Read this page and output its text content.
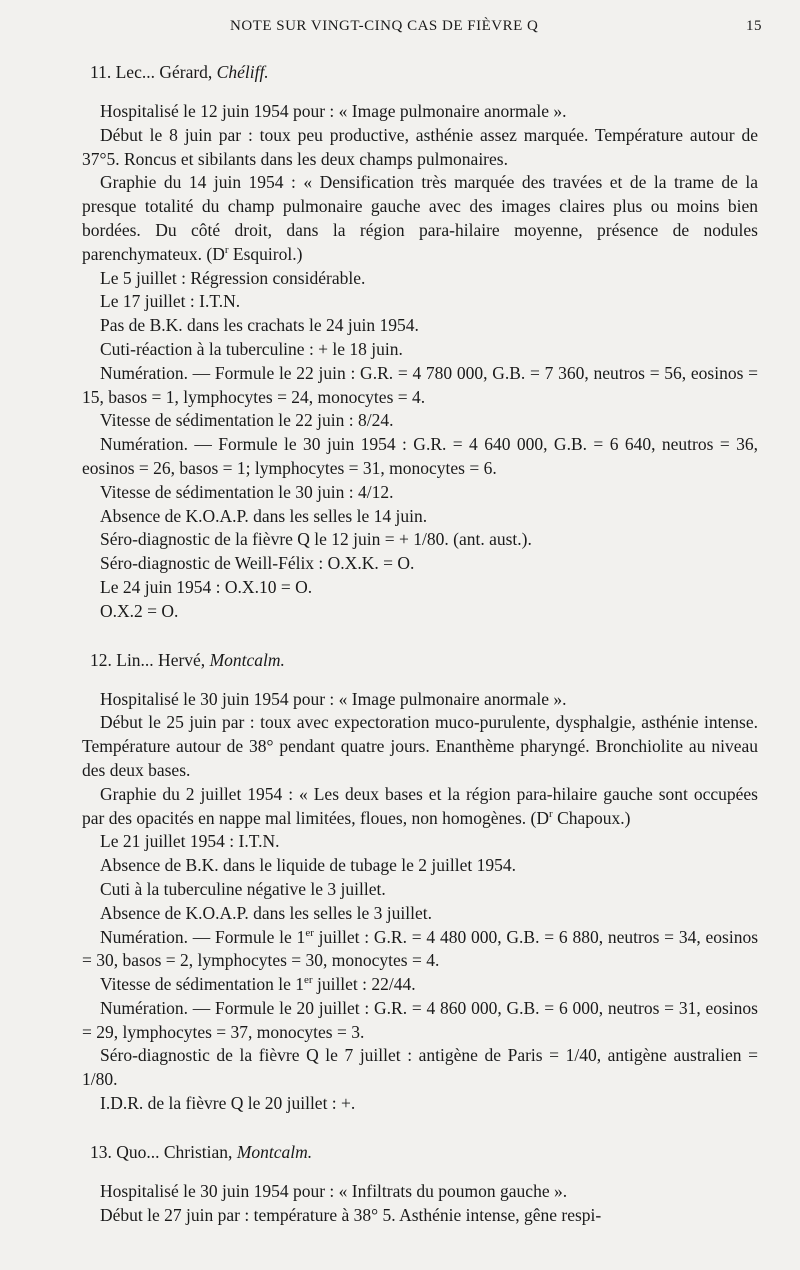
NOTE SUR VINGT-CINQ CAS DE FIÈVRE Q	15
11. Lec... Gérard, Chéliff.

Hospitalisé le 12 juin 1954 pour : « Image pulmonaire anormale ».

Début le 8 juin par : toux peu productive, asthénie assez marquée. Température autour de 37°5. Roncus et sibilants dans les deux champs pulmonaires.

Graphie du 14 juin 1954 : « Densification très marquée des travées et de la trame de la presque totalité du champ pulmonaire gauche avec des images claires plus ou moins bien bordées. Du côté droit, dans la région para-hilaire moyenne, présence de nodules parenchymateux. ($D^r$ Esquirol.)

Le 5 juillet : Régression considérable.

Le 17 juillet : I.T.N.

Pas de B.K. dans les crachats le 24 juin 1954.

Cuti-réaction à la tuberculine : + le 18 juin.

Numération. — Formule le 22 juin : G.R. = 4 780 000, G.B. = 7 360, neutros = 56, eosinos = 15, basos = 1, lymphocytes = 24, monocytes = 4.

Vitesse de sédimentation le 22 juin : 8/24.

Numération. — Formule le 30 juin 1954 : G.R. = 4 640 000, G.B. = 6 640, neutros = 36, eosinos = 26, basos = 1; lymphocytes = 31, monocytes = 6.

Vitesse de sédimentation le 30 juin : 4/12.

Absence de K.O.A.P. dans les selles le 14 juin.

Séro-diagnostic de la fièvre Q le 12 juin = + 1/80. (ant. aust.).

Séro-diagnostic de Weill-Félix : O.X.K. = O.

Le 24 juin 1954 : O.X.10 = O.

O.X.2 = O.

12. Lin... Hervé, Montcalm.

Hospitalisé le 30 juin 1954 pour : « Image pulmonaire anormale ».

Début le 25 juin par : toux avec expectoration muco-purulente, dysphalgie, asthénie intense. Température autour de 38° pendant quatre jours. Enanthème pharyngé. Bronchiolite au niveau des deux bases.

Graphie du 2 juillet 1954 : « Les deux bases et la région para-hilaire gauche sont occupées par des opacités en nappe mal limitées, floues, non homogènes. ($D^r$ Chapoux.)

Le 21 juillet 1954 : I.T.N.

Absence de B.K. dans le liquide de tubage le 2 juillet 1954.

Cuti à la tuberculine négative le 3 juillet.

Absence de K.O.A.P. dans les selles le 3 juillet.

Numération. — Formule le 1er juillet : G.R. = 4 480 000, G.B. = 6 880, neutros = 34, eosinos = 30, basos = 2, lymphocytes = 30, monocytes = 4.

Vitesse de sédimentation le 1er juillet : 22/44.

Numération. — Formule le 20 juillet : G.R. = 4 860 000, G.B. = 6 000, neutros = 31, eosinos = 29, lymphocytes = 37, monocytes = 3.

Séro-diagnostic de la fièvre Q le 7 juillet : antigène de Paris = 1/40, antigène australien = 1/80.

I.D.R. de la fièvre Q le 20 juillet : +.

13. Quo... Christian, Montcalm.

Hospitalisé le 30 juin 1954 pour : « Infiltrats du poumon gauche ».

Début le 27 juin par : température à 38° 5. Asthénie intense, gêne respi-
